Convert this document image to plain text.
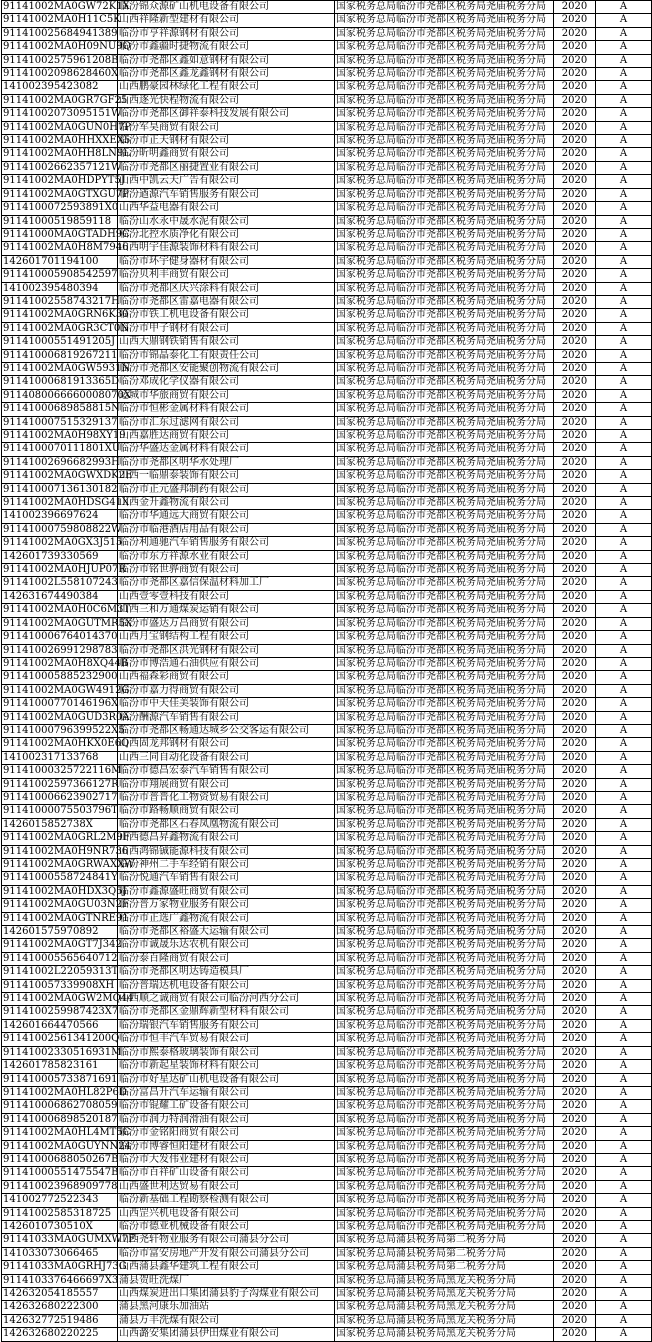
91141002MA0GW72K1X	临汾锦众源矿山机电设备有限公司	国家税务总局临汾市尧都区税务局尧庙税务分局	2020	A
91141002MA0H11C5K	山西祥隆新型建材有限公司	国家税务总局临汾市尧都区税务局尧庙税务分局	2020	A
911410025684941389	临汾市亨祥源钢材有限公司	国家税务总局临汾市尧都区税务局尧庙税务分局	2020	A
91141002MA0H09NU9Q	临汾市鑫疆时捷物流有限公司	国家税务总局临汾市尧都区税务局尧庙税务分局	2020	A
9114100257596120​8B	临汾市尧都区鑫如意钢材有限公司	国家税务总局临汾市尧都区税务局尧庙税务分局	2020	A
91141002098628460X	临汾市尧都区鑫龙鑫钢材有限公司	国家税务总局临汾市尧都区税务局尧庙税务分局	2020	A
141002395423082	山西鹏豪园林绿化工程有限公司	国家税务总局临汾市尧都区税务局尧庙税务分局	2020	A
91141002MA0GR7GF25	山西逐光快程物流有限公司	国家税务总局临汾市尧都区税务局尧庙税务分局	2020	A
91141002073095151W	临汾市尧都区御祥泰科技发展有限公司	国家税务总局临汾市尧都区税务局尧庙税务分局	2020	A
91141002MA0GUN0H7P	临汾军昊商贸有限公司	国家税务总局临汾市尧都区税务局尧庙税务分局	2020	A
91141002MA0HHXXEX5	临汾市正天钢材有限公司	国家税务总局临汾市尧都区税务局尧庙税务分局	2020	A
91141002MA0HH8LN9L	临汾昕明鑫商贸有限公司	国家税务总局临汾市尧都区税务局尧庙税务分局	2020	A
91141002662357121W	临汾市尧都区丽捷置业有限公司	国家税务总局临汾市尧都区税务局尧庙税务分局	2020	A
91141002MA0HDPYT5J	山西中凯云天广告有限公司	国家税务总局临汾市尧都区税务局尧庙税务分局	2020	A
91141002MA0GTXGU7P	临汾遒源汽车销售服务有限公司	国家税务总局临汾市尧都区税务局尧庙税务分局	2020	A
91141000725938​91X0	山西华益电器有限公司	国家税务总局临汾市尧都区税务局尧庙税务分局	2020	A
911410005198591​18	临汾山水永中晟水泥有限公司	国家税务总局临汾市尧都区税务局尧庙税务分局	2020	A
91141000MA0GTADH9C	临汾北控水质净化有限公司	国家税务总局临汾市尧都区税务局尧庙税务分局	2020	A
91141002MA0H8M7946	山西明宇佳源装饰材料有限公司	国家税务总局临汾市尧都区税务局尧庙税务分局	2020	A
142601701194100	临汾市环宇健身器材有限公司	国家税务总局临汾市尧都区税务局尧庙税务分局	2020	A
911410005908542597	临汾贝利丰商贸有限公司	国家税务总局临汾市尧都区税务局尧庙税务分局	2020	A
141002395480394	临汾市尧都区庆兴涂料有限公司	国家税务总局临汾市尧都区税务局尧庙税务分局	2020	A
91141002558743217H	临汾市尧都区雷嘉电器有限公司	国家税务总局临汾市尧都区税务局尧庙税务分局	2020	A
91141002MA0GRN6K30	临汾市铁工机电设备有限公司	国家税务总局临汾市尧都区税务局尧庙税务分局	2020	A
91141002MA0GR3CT0N	临汾市甲子钢材有限公司	国家税务总局临汾市尧都区税务局尧庙税务分局	2020	A
911410005514912​05J	山西大鼎钢铁销售有限公司	国家税务总局临汾市尧都区税务局尧庙税务分局	2020	A
911410006819267211	临汾市锦晶泰化工有限责任公司	国家税务总局临汾市尧都区税务局尧庙税务分局	2020	A
91141002MA0GW5931N	临汾市尧都区安能聚创物流有限公司	国家税务总局临汾市尧都区税务局尧庙税务分局	2020	A
911410006819133​65D	临汾邓成化学仪器有限公司	国家税务总局临汾市尧都区税务局尧庙税务分局	2020	A
91140800666600080​70X	运城市华旅商贸有限公司	国家税务总局临汾市尧都区税务局尧庙税务分局	2020	A
91141000689858815N	临汾市恒彬金属材料有限公司	国家税务总局临汾市尧都区税务局尧庙税务分局	2020	A
911410007515329137	临汾市汇东过滤网有限公司	国家税务总局临汾市尧都区税务局尧庙税务分局	2020	A
91141002MA0H98XY19	山西嘉胜达商贸有限公司	国家税务总局临汾市尧都区税务局尧庙税务分局	2020	A
91141000701118​01XU	临汾华盛达金属材料有限公司	国家税务总局临汾市尧都区税务局尧庙税务分局	2020	A
91141002696682993H	临汾市尧都区明华水处理厂	国家税务总局临汾市尧都区税务局尧庙税务分局	2020	A
91141002MA0GWXDK2E	山西一临鼎泰装饰有限公司	国家税务总局临汾市尧都区税务局尧庙税务分局	2020	A
91141000713613​0182	临汾市正元盛邦制药有限公司	国家税务总局临汾市尧都区税务局尧庙税务分局	2020	A
91141002MA0HDSG41X	山西金升鑫物流有限公司	国家税务总局临汾市尧都区税务局尧庙税务分局	2020	A
141002396697624	临汾市华通远大商贸有限公司	国家税务总局临汾市尧都区税务局尧庙税务分局	2020	A
911410007598088​22W	临汾市临港酒店用品有限公司	国家税务总局临汾市尧都区税务局尧庙税务分局	2020	A
91141002MA0GX3J515	临汾利通驰汽车销售服务有限公司	国家税务总局临汾市尧都区税务局尧庙税务分局	2020	A
142601739330569	临汾市东方祥源水业有限公司	国家税务总局临汾市尧都区税务局尧庙税务分局	2020	A
91141002MA0HJUP07R	临汾市铭世骅商贸有限公司	国家税务总局临汾市尧都区税务局尧庙税务分局	2020	A
91141002L558107243	临汾市尧都区嘉信保温材料加工厂	国家税务总局临汾市尧都区税务局尧庙税务分局	2020	A
142631674490384	山西壹零壹科技有限公司	国家税务总局临汾市尧都区税务局尧庙税务分局	2020	A
91141002MA0H0C6M3T	山西三和万通煤炭运销有限公司	国家税务总局临汾市尧都区税务局尧庙税务分局	2020	A
91141002MA0GUTMR5X	临汾市盛达万昌商贸有限公司	国家税务总局临汾市尧都区税务局尧庙税务分局	2020	A
911410006764014370	山西月宝钢结构工程有限公司	国家税务总局临汾市尧都区税务局尧庙税务分局	2020	A
911410026991298783	临汾市尧都区洪光钢材有限公司	国家税务总局临汾市尧都区税务局尧庙税务分局	2020	A
91141002MA0H8XQ44B	临汾市博浩通石油供应有限公司	国家税务总局临汾市尧都区税务局尧庙税务分局	2020	A
911410005885232900	山西福森彩商贸有限公司	国家税务总局临汾市尧都区税务局尧庙税务分局	2020	A
91141002MA0GW4912G	临汾市嘉力得商贸有限公司	国家税务总局临汾市尧都区税务局尧庙税务分局	2020	A
91141000770146196X	临汾市中天佳美装饰有限公司	国家税务总局临汾市尧都区税务局尧庙税务分局	2020	A
91141002MA0GUD3R0A	临汾酬源汽车销售有限公司	国家税务总局临汾市尧都区税务局尧庙税务分局	2020	A
91141000796399522X5	临汾市尧都区畅通达城乡公交客运有限公司	国家税务总局临汾市尧都区税务局尧庙税务分局	2020	A
91141002MA0HKX0E6Q	山西固龙邦钢材有限公司	国家税务总局临汾市尧都区税务局尧庙税务分局	2020	A
141002317133768	山西三同自动化设备有限公司	国家税务总局临汾市尧都区税务局尧庙税务分局	2020	A
911410003257221​16M	临汾市德昌宏泰汽车销售有限公司	国家税务总局临汾市尧都区税务局尧庙税务分局	2020	A
91141002597366127R	临汾市翔展商贸有限公司	国家税务总局临汾市尧都区税务局尧庙税务分局	2020	A
911410006623902717	临汾市普晋化工物资贸易有限公司	国家税务总局临汾市尧都区税务局尧庙税务分局	2020	A
91141000075503796T	临汾市路畅顺商贸有限公司	国家税务总局临汾市尧都区税务局尧庙税务分局	2020	A
142601585273​8X	临汾市尧都区石春凤凰物流有限公司	国家税务总局临汾市尧都区税务局尧庙税务分局	2020	A
91141002MA0GRL2M9F	山西德昌昇鑫物流有限公司	国家税务总局临汾市尧都区税务局尧庙税务分局	2020	A
91141002MA0H9NR736	山西鸿锦铖能源科技有限公司	国家税务总局临汾市尧都区税务局尧庙税务分局	2020	A
91141002MA0GRWAXXW	临汾神州二手车经销有限公司	国家税务总局临汾市尧都区税务局尧庙税务分局	2020	A
911410005587248​41Y	临汾悦通汽车销售有限公司	国家税务总局临汾市尧都区税务局尧庙税务分局	2020	A
91141002MA0HDX3Q5J	临汾市鑫源盛旺商贸有限公司	国家税务总局临汾市尧都区税务局尧庙税务分局	2020	A
91141002MA0GU03N2F	临汾普万家物业服务有限公司	国家税务总局临汾市尧都区税务局尧庙税务分局	2020	A
91141002MA0GTNRE91	临汾市正选广鑫物流有限公司	国家税务总局临汾市尧都区税务局尧庙税务分局	2020	A
142601575970892	临汾市尧都区裕盛大运输有限公司	国家税务总局临汾市尧都区税务局尧庙税务分局	2020	A
91141002MA0GT7J342	临汾市诚晟乐达农机有限公司	国家税务总局临汾市尧都区税务局尧庙税务分局	2020	A
911410005565640712	临汾泰百隆商贸有限公司	国家税务总局临汾市尧都区税务局尧庙税务分局	2020	A
91141002L22059313T	临汾市尧都区明达铸造模具厂	国家税务总局临汾市尧都区税务局尧庙税务分局	2020	A
911410057339908XH	临汾普瑞达机电设备有限公司	国家税务总局临汾市尧都区税务局尧庙税务分局	2020	A
91141002MA0GW2MQ44	山西顺之诚商贸有限公司临汾河西分公司	国家税务总局临汾市尧都区税务局尧庙税务分局	2020	A
91141002599874​23X7	临汾市尧都区金鼎辉新型材料有限公司	国家税务总局临汾市尧都区税务局尧庙税务分局	2020	A
142601664470566	临汾瑞银汽车销售服务有限公司	国家税务总局临汾市尧都区税务局尧庙税务分局	2020	A
91141002561341200Q	临汾市恒丰汽车贸易有限公司	国家税务总局临汾市尧都区税务局尧庙税务分局	2020	A
911410023305169​31M	临汾市熙泰格玻璃装饰有限公司	国家税务总局临汾市尧都区税务局尧庙税务分局	2020	A
142601785823161	临汾市新起星装饰材料有限公司	国家税务总局临汾市尧都区税务局尧庙税务分局	2020	A
911410005733871691	临汾市好星达矿山机电设备有限公司	国家税务总局临汾市尧都区税务局尧庙税务分局	2020	A
91141002MA0HL82P6D	临汾富昌升汽车运输有限公司	国家税务总局临汾市尧都区税务局尧庙税务分局	2020	A
911410006862708059	临汾市锟耀工矿设备有限公司	国家税务总局临汾市尧都区税务局尧庙税务分局	2020	A
911410006898520187	临汾市润力特润滑油有限公司	国家税务总局临汾市尧都区税务局尧庙税务分局	2020	A
91141002MA0HL4MT5C	临汾市金铭阳商贸有限公司	国家税务总局临汾市尧都区税务局尧庙税务分局	2020	A
91141002MA0GUYNN24	临汾市博睿恒阳建材有限公司	国家税务总局临汾市尧都区税务局尧庙税务分局	2020	A
911410006880502​67B	临汾市大发伟业建材有限公司	国家税务总局临汾市尧都区税务局尧庙税务分局	2020	A
911410005514755​47B	临汾市百祥矿山设备有限公司	国家税务总局临汾市尧都区税务局尧庙税务分局	2020	A
911410023968909778	山西盛世利达贸易有限公司	国家税务总局临汾市尧都区税务局尧庙税务分局	2020	A
141002772522343	临汾新基础工程勘察检测有限公司	国家税务总局临汾市尧都区税务局尧庙税务分局	2020	A
91141002585318725	山西罡兴机电设备有限公司	国家税务总局临汾市尧都区税务局尧庙税务分局	2020	A
142601073051​0X	临汾市德亚机械设备有限公司	国家税务总局临汾市尧都区税务局尧庙税务分局	2020	A
91141033MA0GUMXW7E	山西尧轩物业服务有限公司蒲县分公司	国家税务总局蒲县税务局第二税务分局	2020	A
141033073066465	临汾市富安房地产开发有限公司蒲县分公司	国家税务总局蒲县税务局第二税务分局	2020	A
91141033MA0GRHJ73G	山西蒲县鑫华建筑工程有限公司	国家税务总局蒲县税务局第二税务分局	2020	A
911410337646669​7X3	蒲县贺旺洗煤厂	国家税务总局蒲县税务局黑龙关税务分局	2020	A
142632054185557	山西煤炭进出口集团蒲县豹子沟煤业有限公司	国家税务总局蒲县税务局黑龙关税务分局	2020	A
142632680222300	蒲县黑河康乐加油站	国家税务总局蒲县税务局黑龙关税务分局	2020	A
142632772519486	蒲县万丰洗煤有限公司	国家税务总局蒲县税务局黑龙关税务分局	2020	A
142632680220225	山西潞安集团蒲县伊田煤业有限公司	国家税务总局蒲县税务局黑龙关税务分局	2020	A
